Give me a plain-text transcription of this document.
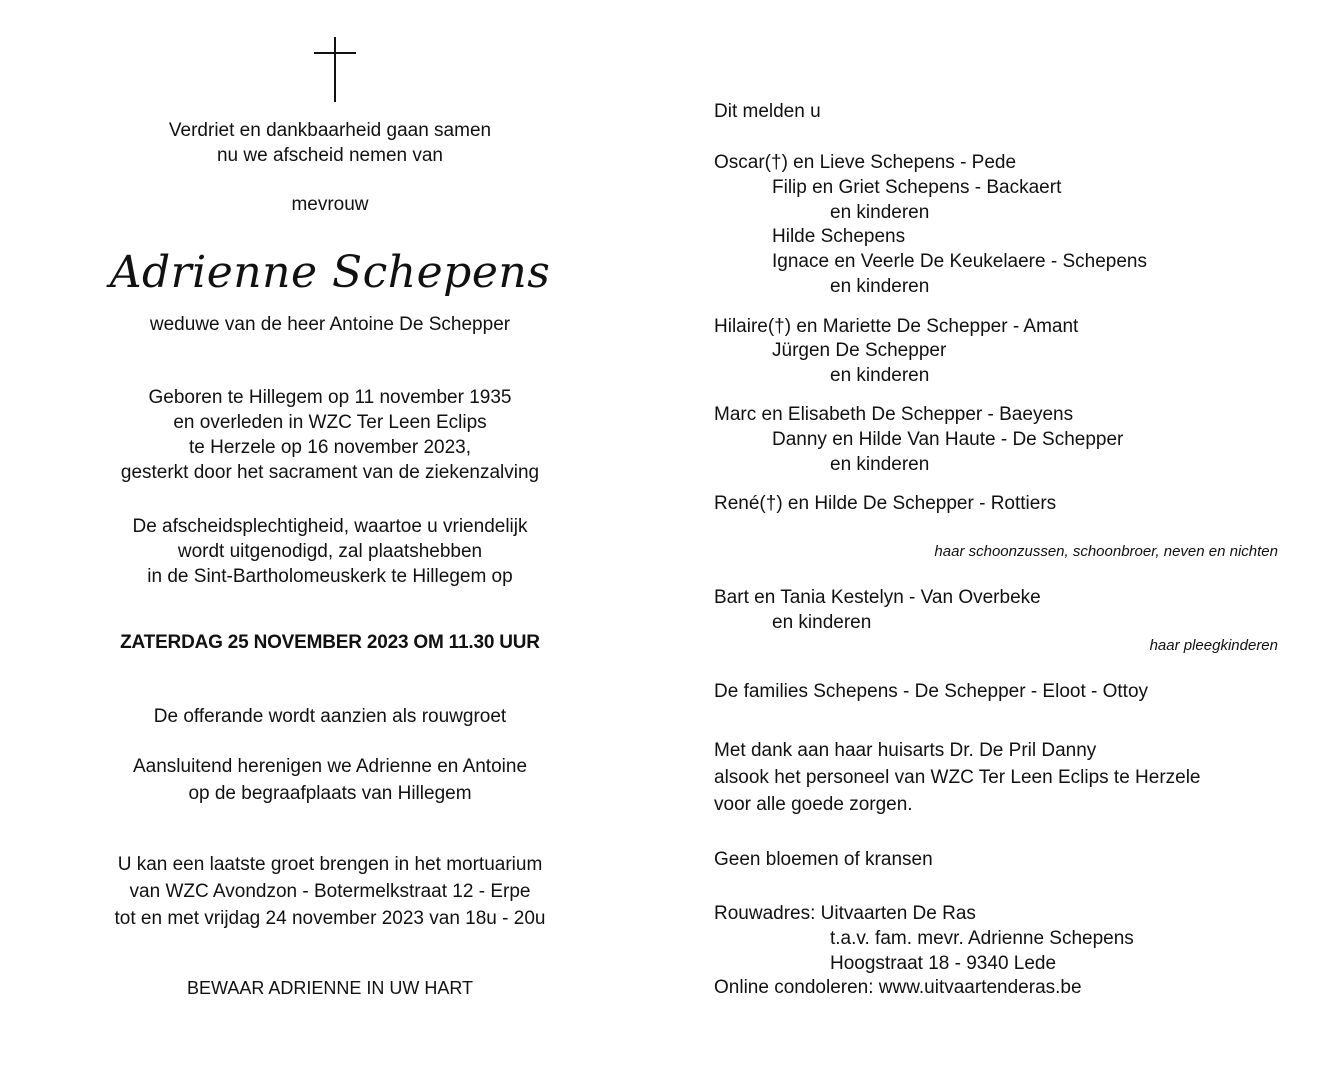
Verdriet en dankbaarheid gaan samen
nu we afscheid nemen van
mevrouw
Adrienne Schepens
weduwe van de heer Antoine De Schepper
Geboren te Hillegem op 11 november 1935
en overleden in WZC Ter Leen Eclips
te Herzele op 16 november 2023,
gesterkt door het sacrament van de ziekenzalving
De afscheidsplechtigheid, waartoe u vriendelijk
wordt uitgenodigd, zal plaatshebben
in de Sint-Bartholomeuskerk te Hillegem op
ZATERDAG 25 NOVEMBER 2023 OM 11.30 UUR
De offerande wordt aanzien als rouwgroet
Aansluitend herenigen we Adrienne en Antoine
op de begraafplaats van Hillegem
U kan een laatste groet brengen in het mortuarium
van WZC Avondzon - Botermelkstraat 12 - Erpe
tot en met vrijdag 24 november 2023 van 18u - 20u
BEWAAR ADRIENNE IN UW HART
Dit melden u
Oscar(†) en Lieve Schepens - Pede
Filip en Griet Schepens - Backaert
en kinderen
Hilde Schepens
Ignace en Veerle De Keukelaere - Schepens
en kinderen
Hilaire(†) en Mariette De Schepper - Amant
Jürgen De Schepper
en kinderen
Marc en Elisabeth De Schepper - Baeyens
Danny en Hilde Van Haute - De Schepper
en kinderen
René(†) en Hilde De Schepper - Rottiers
haar schoonzussen, schoonbroer, neven en nichten
Bart en Tania Kestelyn - Van Overbeke
en kinderen
haar pleegkinderen
De families Schepens - De Schepper - Eloot - Ottoy
Met dank aan haar huisarts Dr. De Pril Danny
alsook het personeel van WZC Ter Leen Eclips te Herzele
voor alle goede zorgen.
Geen bloemen of kransen
Rouwadres: Uitvaarten De Ras
t.a.v. fam. mevr. Adrienne Schepens
Hoogstraat 18 - 9340 Lede
Online condoleren: www.uitvaartenderas.be
